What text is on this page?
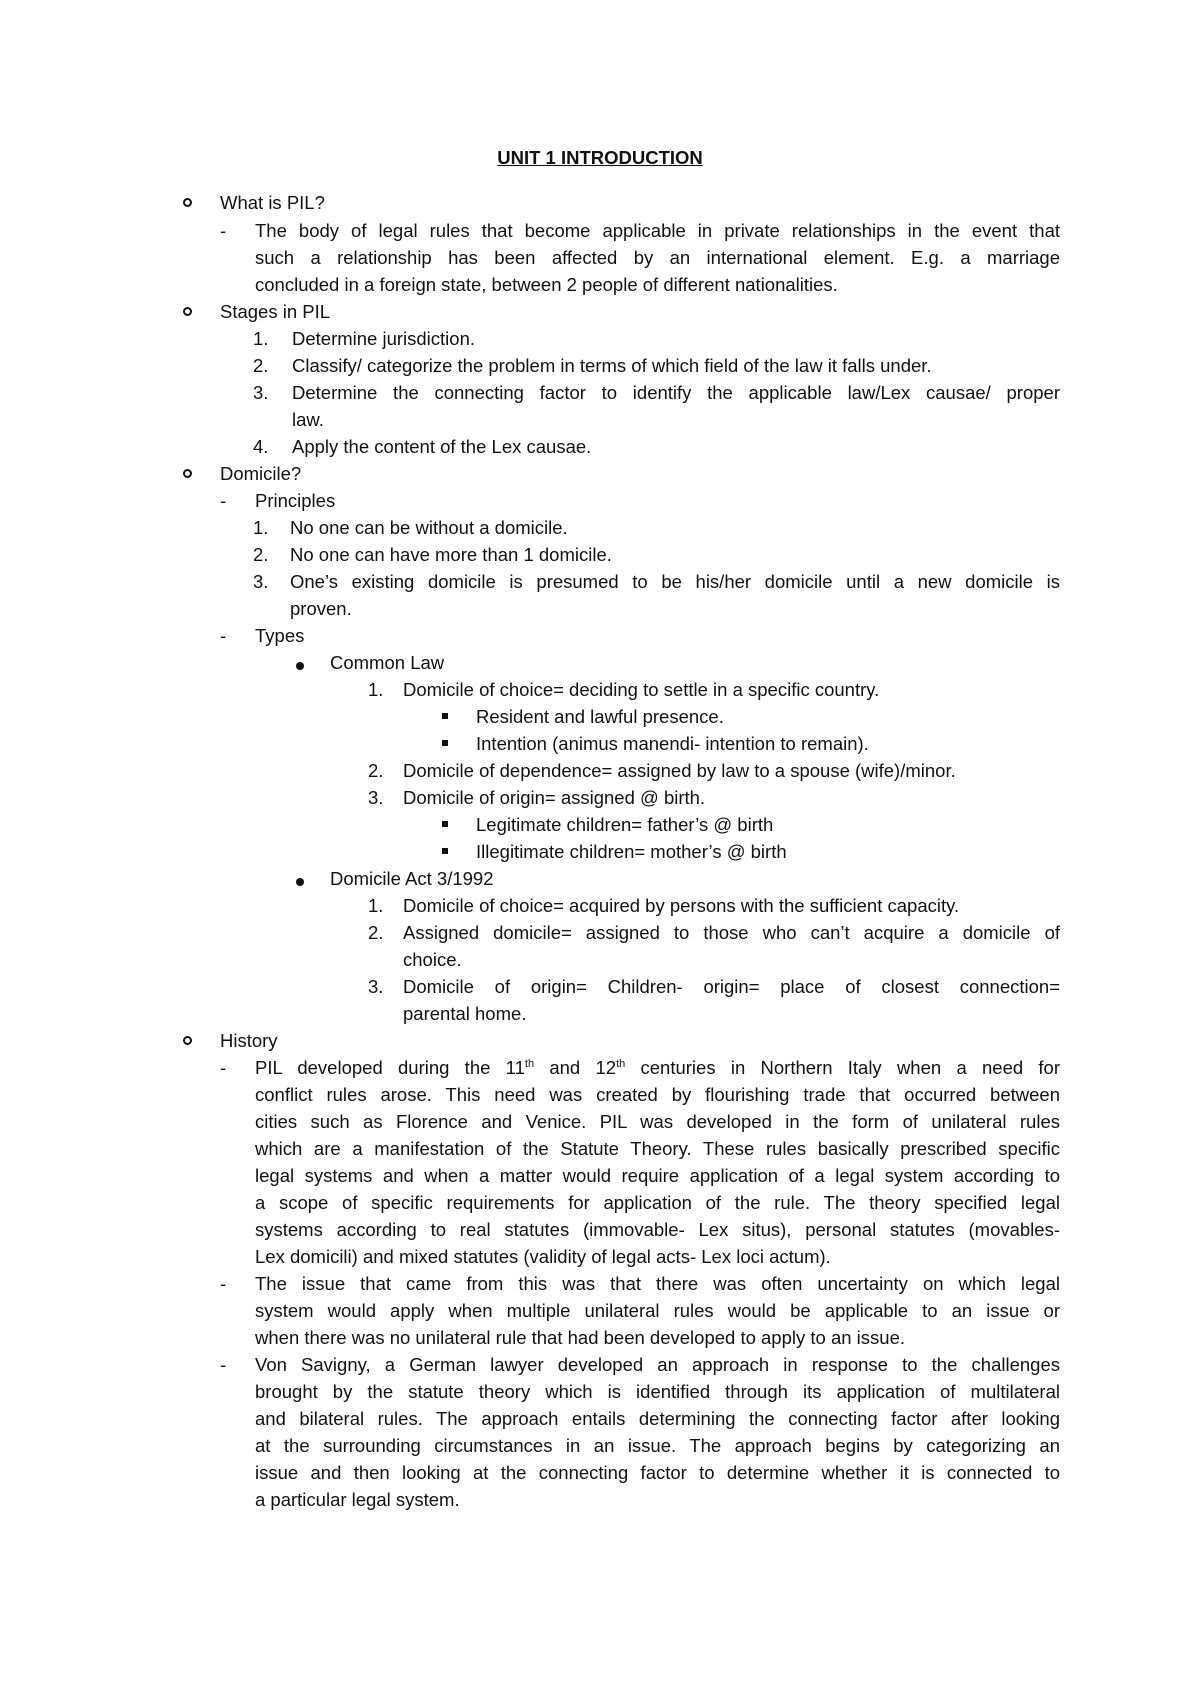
UNIT 1 INTRODUCTION
What is PIL?
- The body of legal rules that become applicable in private relationships in the event that
such a relationship has been affected by an international element. E.g. a marriage
concluded in a foreign state, between 2 people of different nationalities.
Stages in PIL
1. Determine jurisdiction.
2. Classify/ categorize the problem in terms of which field of the law it falls under.
3. Determine the connecting factor to identify the applicable law/Lex causae/ proper
law.
4. Apply the content of the Lex causae.
Domicile?
- Principles
1. No one can be without a domicile.
2. No one can have more than 1 domicile.
3. One’s existing domicile is presumed to be his/her domicile until a new domicile is
proven.
- Types
Common Law
1. Domicile of choice= deciding to settle in a specific country.
Resident and lawful presence.
Intention (animus manendi- intention to remain).
2. Domicile of dependence= assigned by law to a spouse (wife)/minor.
3. Domicile of origin= assigned @ birth.
Legitimate children= father’s @ birth
Illegitimate children= mother’s @ birth
Domicile Act 3/1992
1. Domicile of choice= acquired by persons with the sufficient capacity.
2. Assigned domicile= assigned to those who can’t acquire a domicile of
choice.
3. Domicile of origin= Children- origin= place of closest connection=
parental home.
History
- PIL developed during the 11th and 12th centuries in Northern Italy when a need for
conflict rules arose. This need was created by flourishing trade that occurred between
cities such as Florence and Venice. PIL was developed in the form of unilateral rules
which are a manifestation of the Statute Theory. These rules basically prescribed specific
legal systems and when a matter would require application of a legal system according to
a scope of specific requirements for application of the rule. The theory specified legal
systems according to real statutes (immovable- Lex situs), personal statutes (movables-
Lex domicili) and mixed statutes (validity of legal acts- Lex loci actum).
- The issue that came from this was that there was often uncertainty on which legal
system would apply when multiple unilateral rules would be applicable to an issue or
when there was no unilateral rule that had been developed to apply to an issue.
- Von Savigny, a German lawyer developed an approach in response to the challenges
brought by the statute theory which is identified through its application of multilateral
and bilateral rules. The approach entails determining the connecting factor after looking
at the surrounding circumstances in an issue. The approach begins by categorizing an
issue and then looking at the connecting factor to determine whether it is connected to
a particular legal system.
